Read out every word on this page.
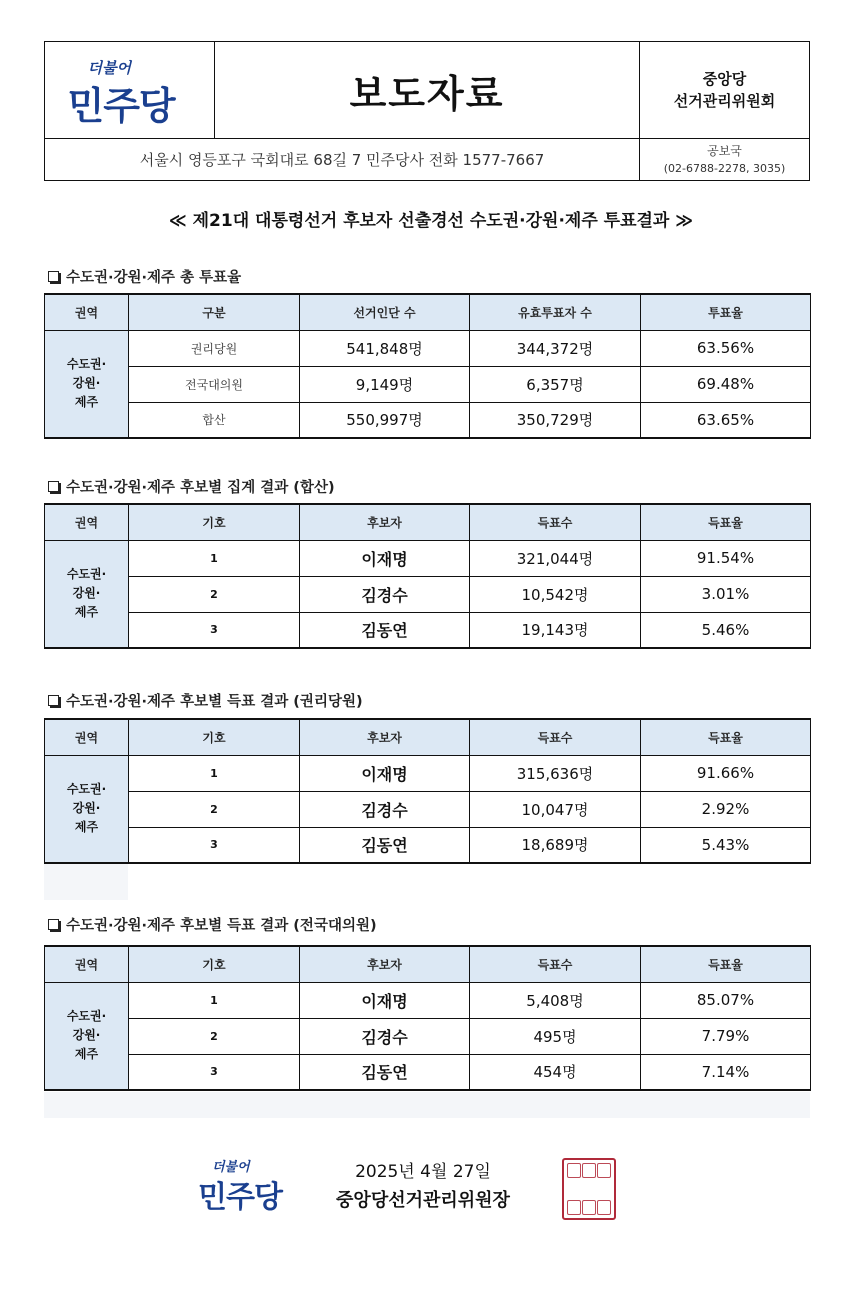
더불어
민주당	보도자료	중앙당
선거관리위원회
서울시 영등포구 국회대로 68길 7 민주당사 전화 1577-7667
공보국
(02-6788-2278, 3035)
≪ 제21대 대통령선거 후보자 선출경선 수도권·강원·제주 투표결과 ≫
수도권·강원·제주 총 투표율
권역	구분	선거인단 수	유효투표자 수	투표율

수도권·
강원·
제주	권리당원	541,848명	344,372명	63.56%
	전국대의원	9,149명	6,357명	69.48%
	합산	550,997명	350,729명	63.65%
수도권·강원·제주 후보별 집계 결과 (합산)
권역	기호	후보자	득표수	득표율

수도권·
강원·
제주	1	이재명	321,044명	91.54%
	2	김경수	10,542명	3.01%
	3	김동연	19,143명	5.46%
수도권·강원·제주 후보별 득표 결과 (권리당원)
권역	기호	후보자	득표수	득표율

수도권·
강원·
제주	1	이재명	315,636명	91.66%
	2	김경수	10,047명	2.92%
	3	김동연	18,689명	5.43%
수도권·강원·제주 후보별 득표 결과 (전국대의원)
권역	기호	후보자	득표수	득표율

수도권·
강원·
제주	1	이재명	5,408명	85.07%
	2	김경수	495명	7.79%
	3	김동연	454명	7.14%
더불어
민주당
2025년 4월 27일
중앙당선거관리위원장
